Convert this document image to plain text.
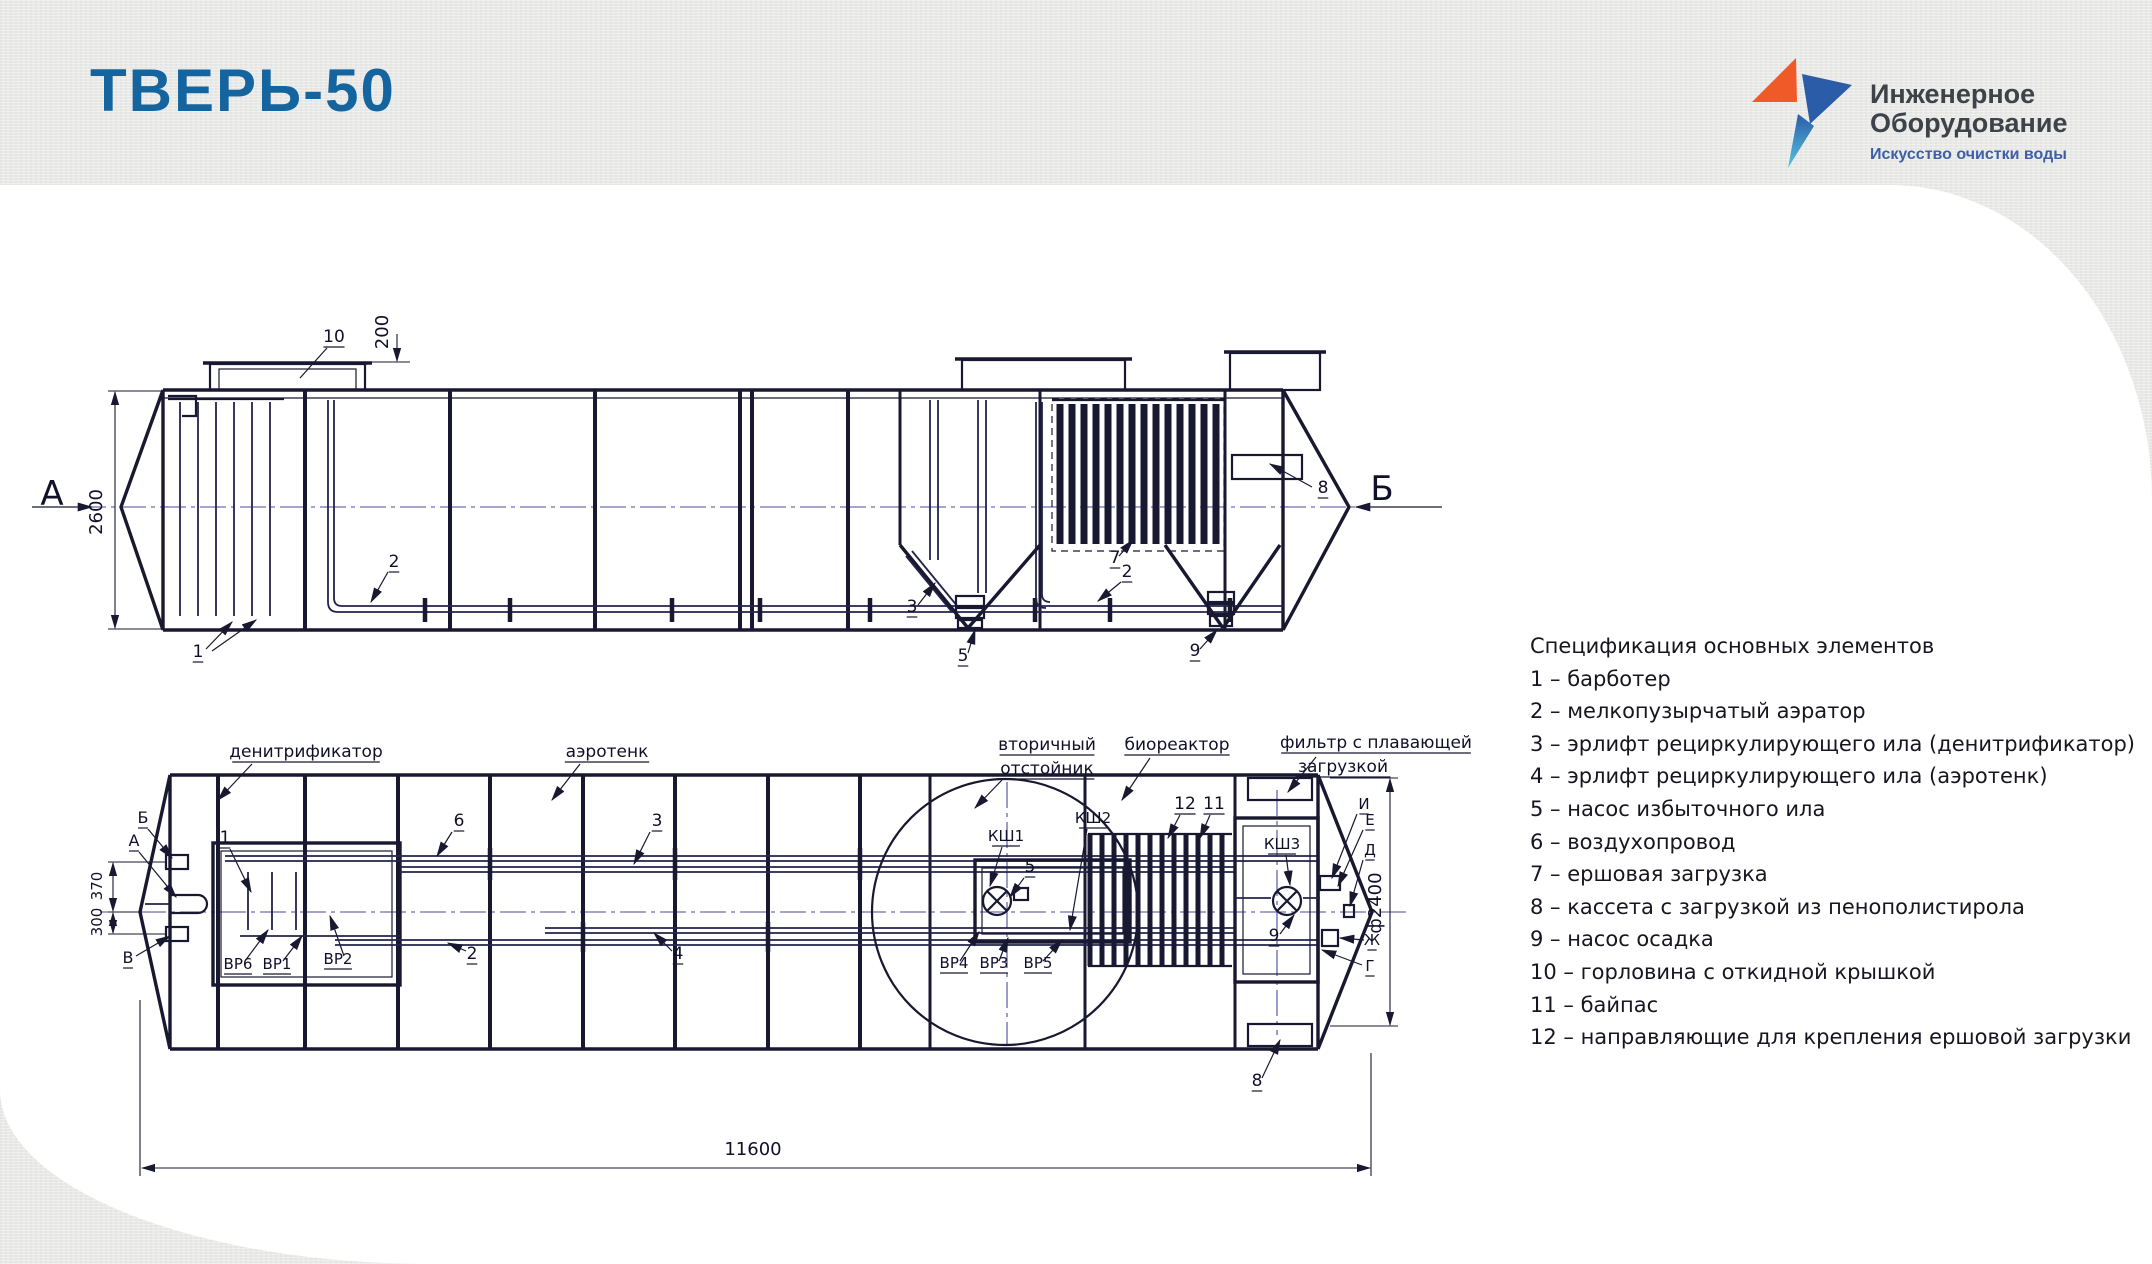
ТВЕРЬ-50	Инженерное
Оборудование
Искусство очистки воды
А	Б
2600
200
10
1
2
3
5
2
7
8
9
денитрификатор	аэротенк	вторичный
отстойник
биореактор	фильтр с плавающей
загрузкой
Б
А
В
370
300
1
ВР6 ВР1 ВР2
6	3
2	4
КШ1
КШ2
5
ВР4 ВР3 ВР5
12 11
КШ3
9
И
Е
Д
Ж
Г
8
ф2400
11600
Спецификация основных элементов
1 – барботер
2 – мелкопузырчатый аэратор
3 – эрлифт рециркулирующего ила (денитрификатор)
4 – эрлифт рециркулирующего ила (аэротенк)
5 – насос избыточного ила
6 – воздухопровод
7 – ершовая загрузка
8 – кассета с загрузкой из пенополистирола
9 – насос осадка
10 – горловина с откидной крышкой
11 – байпас
12 – направляющие для крепления ершовой загрузки
